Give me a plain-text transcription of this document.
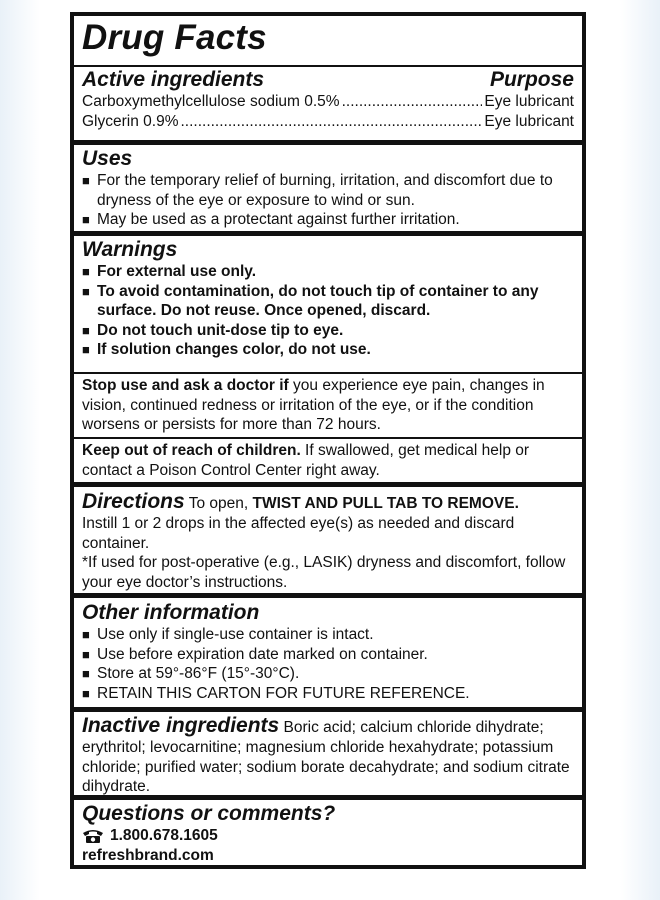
Drug Facts
Active ingredients	Purpose
Carboxymethylcellulose sodium 0.5% .....	Eye lubricant
Glycerin 0.9% .....	Eye lubricant
Uses
■ For the temporary relief of burning, irritation, and discomfort due to dryness of the eye or exposure to wind or sun.
■ May be used as a protectant against further irritation.
Warnings
■ For external use only.
■ To avoid contamination, do not touch tip of container to any surface. Do not reuse. Once opened, discard.
■ Do not touch unit-dose tip to eye.
■ If solution changes color, do not use.
Stop use and ask a doctor if you experience eye pain, changes in vision, continued redness or irritation of the eye, or if the condition worsens or persists for more than 72 hours.
Keep out of reach of children. If swallowed, get medical help or contact a Poison Control Center right away.
Directions To open, TWIST AND PULL TAB TO REMOVE.
Instill 1 or 2 drops in the affected eye(s) as needed and discard container.
*If used for post-operative (e.g., LASIK) dryness and discomfort, follow your eye doctor’s instructions.
Other information
■ Use only if single-use container is intact.
■ Use before expiration date marked on container.
■ Store at 59°-86°F (15°-30°C).
■ RETAIN THIS CARTON FOR FUTURE REFERENCE.
Inactive ingredients Boric acid; calcium chloride dihydrate; erythritol; levocarnitine; magnesium chloride hexahydrate; potassium chloride; purified water; sodium borate decahydrate; and sodium citrate dihydrate.
Questions or comments?
1.800.678.1605
refreshbrand.com
